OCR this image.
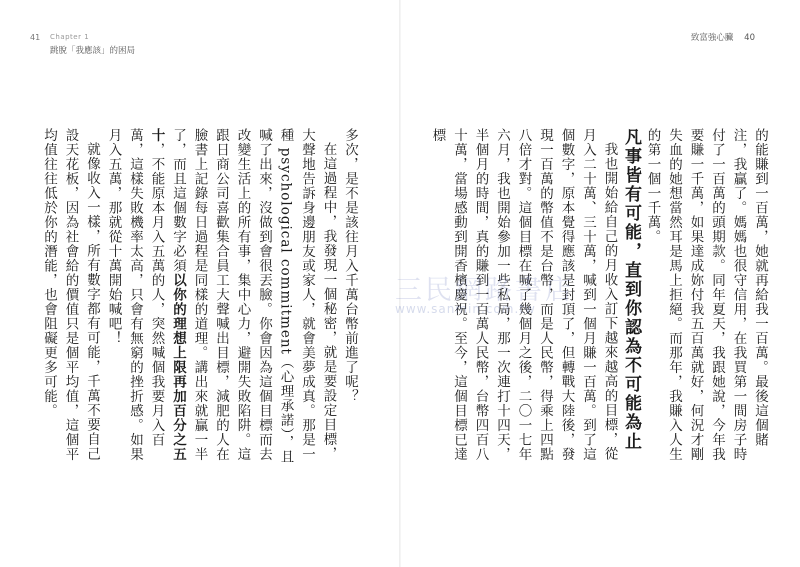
41 Chapter 1
跳脫「我應該」的困局

多次，是不是該往月入千萬台幣前進了呢？

在這過程中，我發現一個秘密，就是要設定目標，大聲地告訴身邊朋友或家人，就會美夢成真。那是一種 psychological commitment（心理承諾），且喊了出來，沒做到會很丟臉。你會因為這個目標而去改變生活上的所有事，集中心力，避開失敗陷阱。這跟日商公司喜歡集合員工大聲喊出目標，減肥的人在臉書上記錄每日過程是同樣的道理。講出來就贏一半了，而且這個數字必須以你的理想上限再加百分之五十，不能原本月入五萬的人，突然喊個我要月入百萬，這樣失敗機率太高，只會有無窮的挫折感。如果月入五萬，那就從十萬開始喊吧！

就像收入一樣，所有數字都有可能，千萬不要自己設天花板，因為社會給的價值只是個平均值，這個平均值往往低於你的潛能，也會阻礙更多可能。

致富強心臟 40

的能賺到一百萬，她就再給我一百萬。最後這個賭注，我贏了。媽媽也很守信用，在我買第一間房子時付了一百萬的頭期款。同年夏天，我跟她說，今年我要賺一千萬，如果達成妳付我五百萬就好，何況才剛失血的她想當然耳是馬上拒絕。而那年，我賺入人生的第一個一千萬。

凡事皆有可能，直到你認為不可能為止

我也開始給自己的月收入訂下越來越高的目標，從月入二十萬、三十萬，喊到一個月賺一百萬。到了這個數字，原本覺得應該是封頂了，但轉戰大陸後，發現一百萬的幣值不是台幣，而是人民幣，得乘上四點八倍才對。這個目標在喊了幾個月之後，二〇一七年六月，我也開始參加一些私局，那一次連打十四天，半個月的時間，真的賺到一百萬人民幣，台幣四百八十萬，當場感動到開香檳慶祝。至今，這個目標已達標

三民網路書店
www.sanmin.com.tw
